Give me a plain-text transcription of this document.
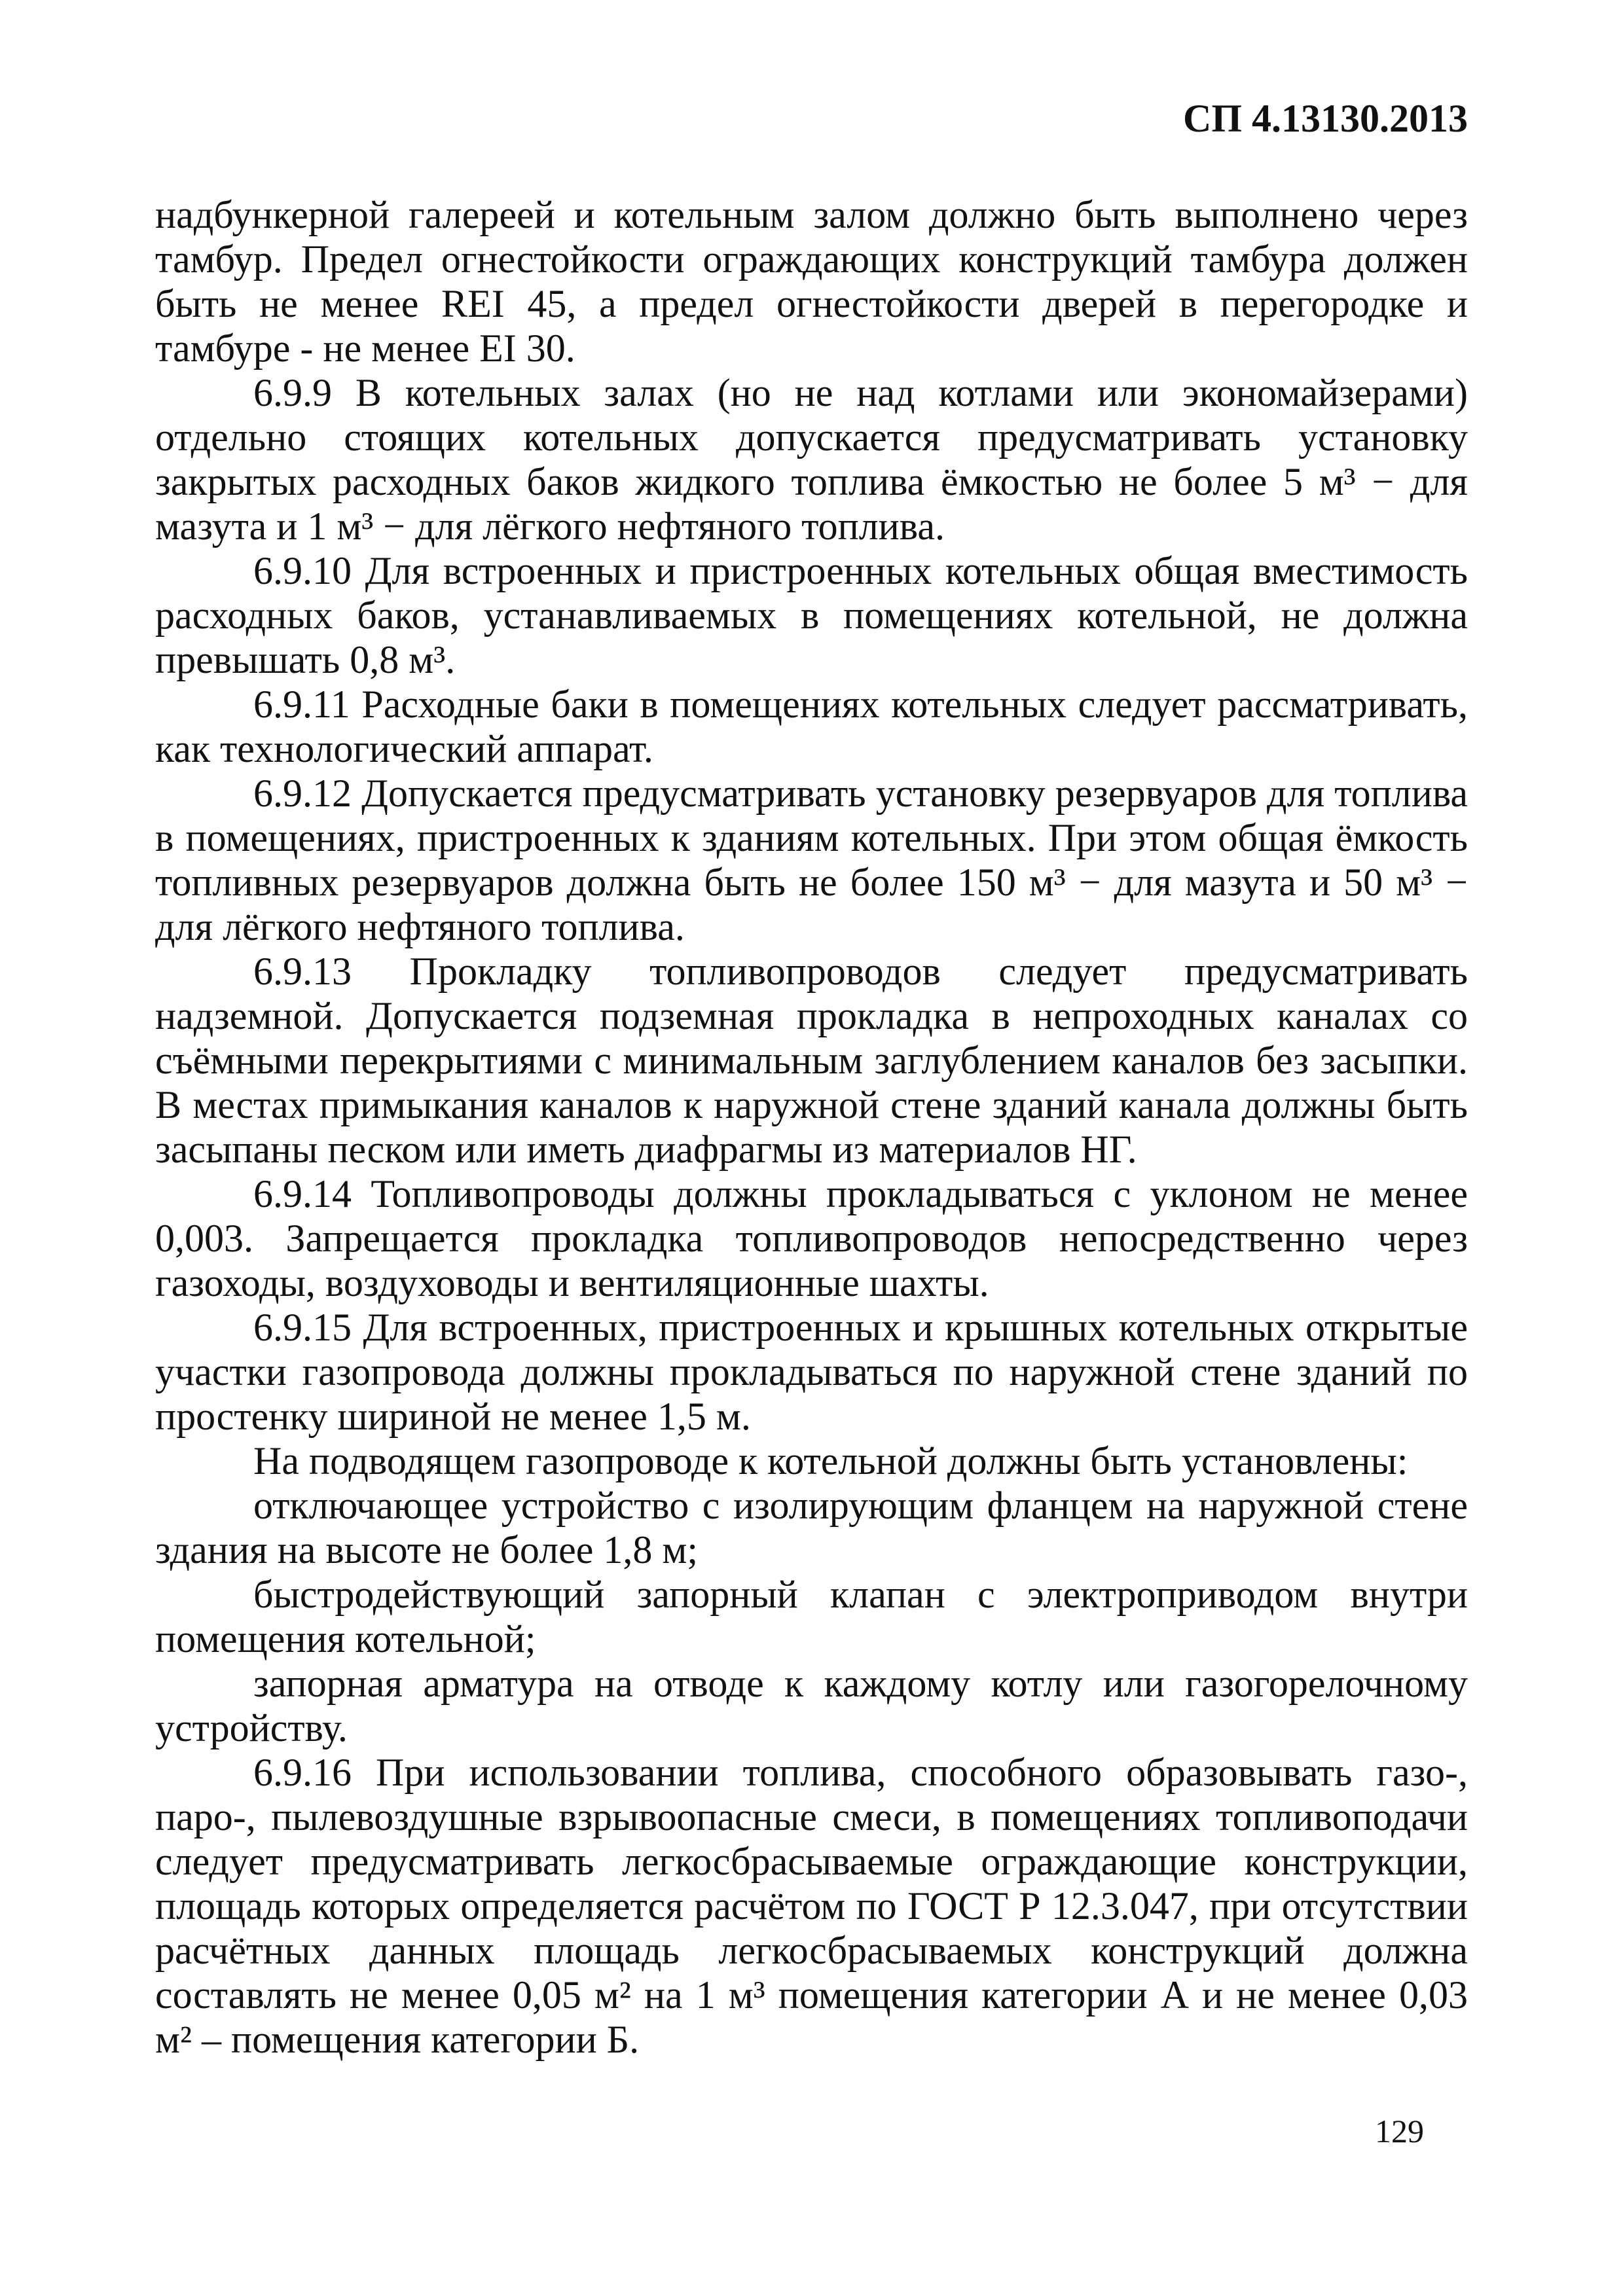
СП 4.13130.2013

надбункерной галереей и котельным залом должно быть выполнено через тамбур. Предел огнестойкости ограждающих конструкций тамбура должен быть не менее REI 45, а предел огнестойкости дверей в перегородке и тамбуре - не менее EI 30.

6.9.9 В котельных залах (но не над котлами или экономайзерами) отдельно стоящих котельных допускается предусматривать установку закрытых расходных баков жидкого топлива ёмкостью не более 5 м³ − для мазута и 1 м³ − для лёгкого нефтяного топлива.

6.9.10 Для встроенных и пристроенных котельных общая вместимость расходных баков, устанавливаемых в помещениях котельной, не должна превышать 0,8 м³.

6.9.11 Расходные баки в помещениях котельных следует рассматривать, как технологический аппарат.

6.9.12 Допускается предусматривать установку резервуаров для топлива в помещениях, пристроенных к зданиям котельных. При этом общая ёмкость топливных резервуаров должна быть не более 150 м³ − для мазута и 50 м³ − для лёгкого нефтяного топлива.

6.9.13 Прокладку топливопроводов следует предусматривать надземной. Допускается подземная прокладка в непроходных каналах со съёмными перекрытиями с минимальным заглублением каналов без засыпки. В местах примыкания каналов к наружной стене зданий канала должны быть засыпаны песком или иметь диафрагмы из материалов НГ.

6.9.14 Топливопроводы должны прокладываться с уклоном не менее 0,003. Запрещается прокладка топливопроводов непосредственно через газоходы, воздуховоды и вентиляционные шахты.

6.9.15 Для встроенных, пристроенных и крышных котельных открытые участки газопровода должны прокладываться по наружной стене зданий по простенку шириной не менее 1,5 м.

На подводящем газопроводе к котельной должны быть установлены:

отключающее устройство с изолирующим фланцем на наружной стене здания на высоте не более 1,8 м;

быстродействующий запорный клапан с электроприводом внутри помещения котельной;

запорная арматура на отводе к каждому котлу или газогорелочному устройству.

6.9.16 При использовании топлива, способного образовывать газо-, паро-, пылевоздушные взрывоопасные смеси, в помещениях топливоподачи следует предусматривать легкосбрасываемые ограждающие конструкции, площадь которых определяется расчётом по ГОСТ Р 12.3.047, при отсутствии расчётных данных площадь легкосбрасываемых конструкций должна составлять не менее 0,05 м² на 1 м³ помещения категории А и не менее 0,03 м² – помещения категории Б.

129
